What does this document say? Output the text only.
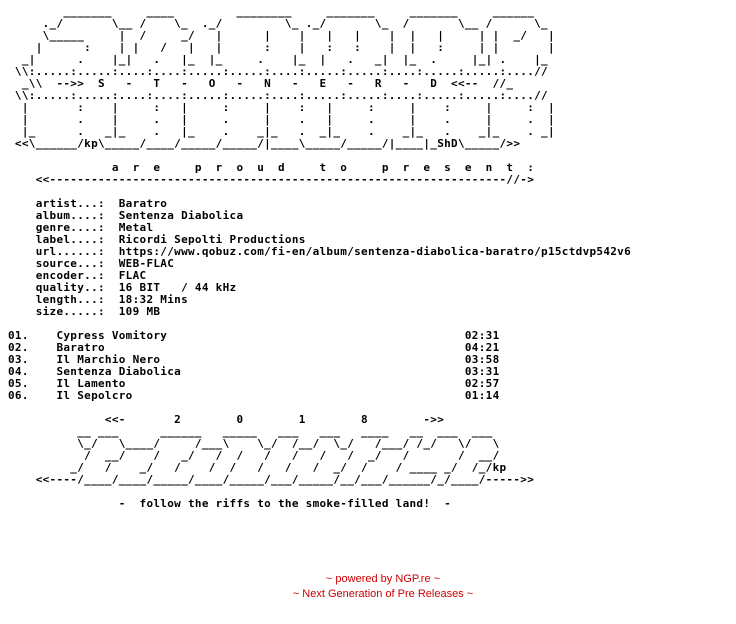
_______     ____         ________     _______     _______     ______
._/       \__ /    \_  ._/         \_ ._/       \_  /       \__ /      \_
\_____     |  /     _/   |      |    |   |   |    |  |   |     | |  _/   |
|      :    | |   /   |   |      :    |   :   :    |  |   :     | |       |
_|      .    |_|   .   |_  |_     .    |_  |   .   _|  |_  .     |_| .    |_
\\:.....:.....:....:....:.....:.....:....:.....:.....:....:.....:.....:....//
_\\  -->>  S   -   T   -   O   -   N   -   E   -   R   -   D  <<--  //_
\\:.....:.....:....:....:.....:.....:....:.....:.....:....:.....:.....:....//
|       :    |     :   |     :     |    :   |     :     |    :     |     :  |
|       .    |     .   |     .     |    .   |     .     |    .     |     .  |
|_      .   _|_    .   |_    .    _|_   .  _|_    .    _|_   .    _|_    . _|
<<\______/kp\_____/____/_____/_____/|____\_____/_____/|____|_ShD\_____/>>

a  r  e     p  r  o  u  d     t  o     p  r  e  s  e  n  t  :
<<------------------------------------------------------------------//->

artist...:  Baratro
album....:  Sentenza Diabolica
genre....:  Metal
label....:  Ricordi Sepolti Productions
url......:  https://www.qobuz.com/fi-en/album/sentenza-diabolica-baratro/p15ctdvp542v6
source...:  WEB-FLAC
encoder..:  FLAC
quality..:  16 BIT   / 44 kHz
length...:  18:32 Mins
size.....:  109 MB

01.    Cypress Vomitory                                           02:31
02.    Baratro                                                    04:21
03.    Il Marchio Nero                                            03:58
04.    Sentenza Diabolica                                         03:31
05.    Il Lamento                                                 02:57
06.    Il Sepolcro                                                01:14

<<-       2        0        1        8        ->>
__ ___      ______   _____   ___   ___   ____   __  ___  ___
\_/   \____/     /___\    \_/  /__/  \_/   /___/ /_/   \/   \
/  __/    /   _/   /  /   /   /   /   /  _/   /       /  __/
_/   /    _/   /    /  /   /   /   /  _/  /    / ____ _/  /_/kp
<<----/____/____/_____/____/_____/___/_____/__/___/______/_/____/----->>

-  follow the riffs to the smoke-filled land!  -

~ powered by NGP.re ~
~ Next Generation of Pre Releases ~
